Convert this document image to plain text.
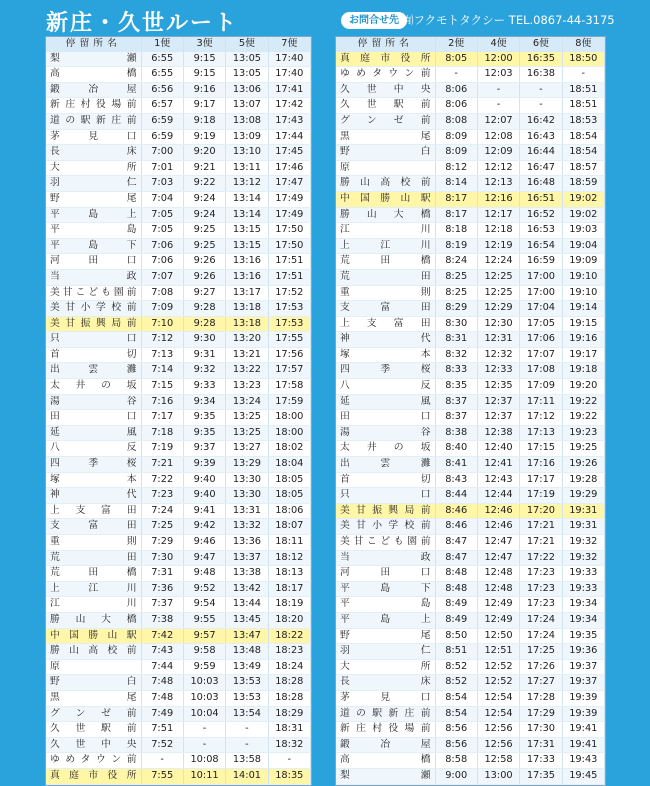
新庄・久世ルート	お問合せ先 ㈲フクモトタクシー TEL.0867-44-3175
停留所名	1便	3便	5便	7便
梨瀬	6:55	9:15	13:05	17:40
高橋	6:55	9:15	13:05	17:40
鍛冶屋	6:56	9:16	13:06	17:41
新庄村役場前	6:57	9:17	13:07	17:42
道の駅新庄前	6:59	9:18	13:08	17:43
茅見口	6:59	9:19	13:09	17:44
長床	7:00	9:20	13:10	17:45
大所	7:01	9:21	13:11	17:46
羽仁	7:03	9:22	13:12	17:47
野尾	7:04	9:24	13:14	17:49
平島上	7:05	9:24	13:14	17:49
平島	7:05	9:25	13:15	17:50
平島下	7:06	9:25	13:15	17:50
河田口	7:06	9:26	13:16	17:51
当政	7:07	9:26	13:16	17:51
美甘こども園前	7:08	9:27	13:17	17:52
美甘小学校前	7:09	9:28	13:18	17:53
美甘振興局前	7:10	9:28	13:18	17:53
只口	7:12	9:30	13:20	17:55
首切	7:13	9:31	13:21	17:56
出雲灘	7:14	9:32	13:22	17:57
太井の坂	7:15	9:33	13:23	17:58
湯谷	7:16	9:34	13:24	17:59
田口	7:17	9:35	13:25	18:00
延風	7:18	9:35	13:25	18:00
八反	7:19	9:37	13:27	18:02
四季桜	7:21	9:39	13:29	18:04
塚本	7:22	9:40	13:30	18:05
神代	7:23	9:40	13:30	18:05
上支富田	7:24	9:41	13:31	18:06
支富田	7:25	9:42	13:32	18:07
重則	7:29	9:46	13:36	18:11
荒田	7:30	9:47	13:37	18:12
荒田橋	7:31	9:48	13:38	18:13
上江川	7:36	9:52	13:42	18:17
江川	7:37	9:54	13:44	18:19
勝山大橋	7:38	9:55	13:45	18:20
中国勝山駅	7:42	9:57	13:47	18:22
勝山高校前	7:43	9:58	13:48	18:23
原	7:44	9:59	13:49	18:24
野白	7:48	10:03	13:53	18:28
黒尾	7:48	10:03	13:53	18:28
グンゼ前	7:49	10:04	13:54	18:29
久世駅前	7:51	-	-	18:31
久世中央	7:52	-	-	18:32
ゆめタウン前	-	10:08	13:58	-
真庭市役所	7:55	10:11	14:01	18:35
停留所名	2便	4便	6便	8便
真庭市役所	8:05	12:00	16:35	18:50
ゆめタウン前	-	12:03	16:38	-
久世中央	8:06	-	-	18:51
久世駅前	8:06	-	-	18:51
グンゼ前	8:08	12:07	16:42	18:53
黒尾	8:09	12:08	16:43	18:54
野白	8:09	12:09	16:44	18:54
原	8:12	12:12	16:47	18:57
勝山高校前	8:14	12:13	16:48	18:59
中国勝山駅	8:17	12:16	16:51	19:02
勝山大橋	8:17	12:17	16:52	19:02
江川	8:18	12:18	16:53	19:03
上江川	8:19	12:19	16:54	19:04
荒田橋	8:24	12:24	16:59	19:09
荒田	8:25	12:25	17:00	19:10
重則	8:25	12:25	17:00	19:10
支富田	8:29	12:29	17:04	19:14
上支富田	8:30	12:30	17:05	19:15
神代	8:31	12:31	17:06	19:16
塚本	8:32	12:32	17:07	19:17
四季桜	8:33	12:33	17:08	19:18
八反	8:35	12:35	17:09	19:20
延風	8:37	12:37	17:11	19:22
田口	8:37	12:37	17:12	19:22
湯谷	8:38	12:38	17:13	19:23
太井の坂	8:40	12:40	17:15	19:25
出雲灘	8:41	12:41	17:16	19:26
首切	8:43	12:43	17:17	19:28
只口	8:44	12:44	17:19	19:29
美甘振興局前	8:46	12:46	17:20	19:31
美甘小学校前	8:46	12:46	17:21	19:31
美甘こども園前	8:47	12:47	17:21	19:32
当政	8:47	12:47	17:22	19:32
河田口	8:48	12:48	17:23	19:33
平島下	8:48	12:48	17:23	19:33
平島	8:49	12:49	17:23	19:34
平島上	8:49	12:49	17:24	19:34
野尾	8:50	12:50	17:24	19:35
羽仁	8:51	12:51	17:25	19:36
大所	8:52	12:52	17:26	19:37
長床	8:52	12:52	17:27	19:37
茅見口	8:54	12:54	17:28	19:39
道の駅新庄前	8:54	12:54	17:29	19:39
新庄村役場前	8:56	12:56	17:30	19:41
鍛冶屋	8:56	12:56	17:31	19:41
高橋	8:58	12:58	17:33	19:43
梨瀬	9:00	13:00	17:35	19:45
